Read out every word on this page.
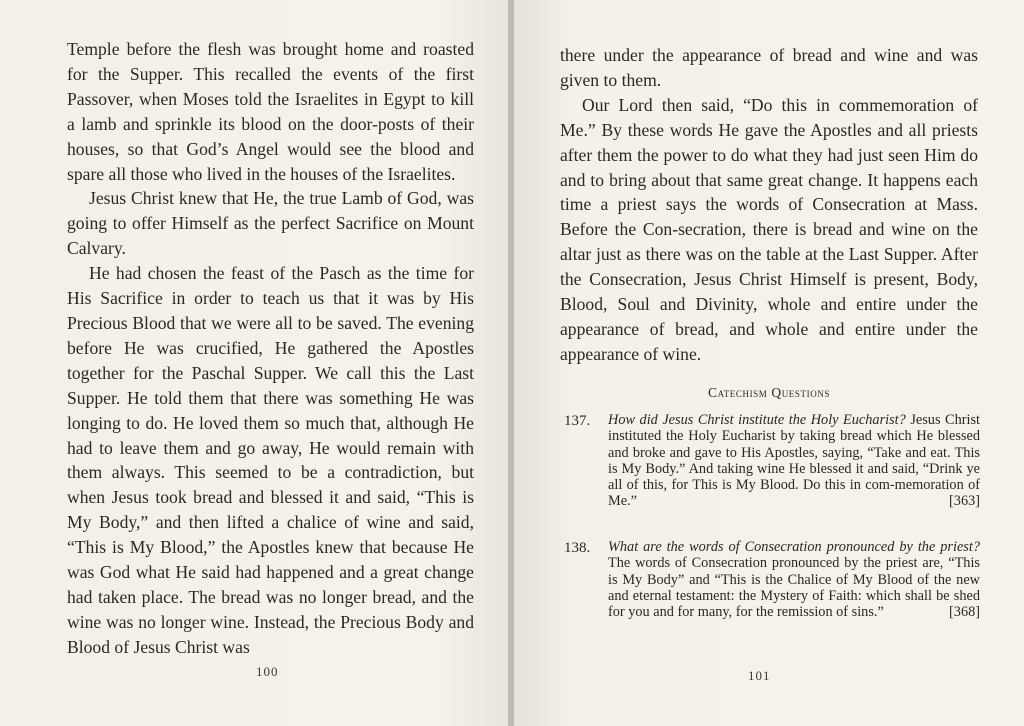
Temple before the flesh was brought home and roasted for the Supper. This recalled the events of the first Passover, when Moses told the Israelites in Egypt to kill a lamb and sprinkle its blood on the door-posts of their houses, so that God’s Angel would see the blood and spare all those who lived in the houses of the Israelites.

Jesus Christ knew that He, the true Lamb of God, was going to offer Himself as the perfect Sacrifice on Mount Calvary.

He had chosen the feast of the Pasch as the time for His Sacrifice in order to teach us that it was by His Precious Blood that we were all to be saved. The evening before He was crucified, He gathered the Apostles together for the Paschal Supper. We call this the Last Supper. He told them that there was something He was longing to do. He loved them so much that, although He had to leave them and go away, He would remain with them always. This seemed to be a contradiction, but when Jesus took bread and blessed it and said, “This is My Body,” and then lifted a chalice of wine and said, “This is My Blood,” the Apostles knew that because He was God what He said had happened and a great change had taken place. The bread was no longer bread, and the wine was no longer wine. Instead, the Precious Body and Blood of Jesus Christ was

100

there under the appearance of bread and wine and was given to them.

Our Lord then said, “Do this in commemoration of Me.” By these words He gave the Apostles and all priests after them the power to do what they had just seen Him do and to bring about that same great change. It happens each time a priest says the words of Consecration at Mass. Before the Con-secration, there is bread and wine on the altar just as there was on the table at the Last Supper. After the Consecration, Jesus Christ Himself is present, Body, Blood, Soul and Divinity, whole and entire under the appearance of bread, and whole and entire under the appearance of wine.

Catechism Questions
137. How did Jesus Christ institute the Holy Eucharist? Jesus Christ instituted the Holy Eucharist by taking bread which He blessed and broke and gave to His Apostles, saying, “Take and eat. This is My Body.” And taking wine He blessed it and said, “Drink ye all of this, for This is My Blood. Do this in com-memoration of Me.”	[363]
138. What are the words of Consecration pronounced by the priest? The words of Consecration pronounced by the priest are, “This is My Body” and “This is the Chalice of My Blood of the new and eternal testament: the Mystery of Faith: which shall be shed for you and for many, for the remission of sins.”	[368]
101
